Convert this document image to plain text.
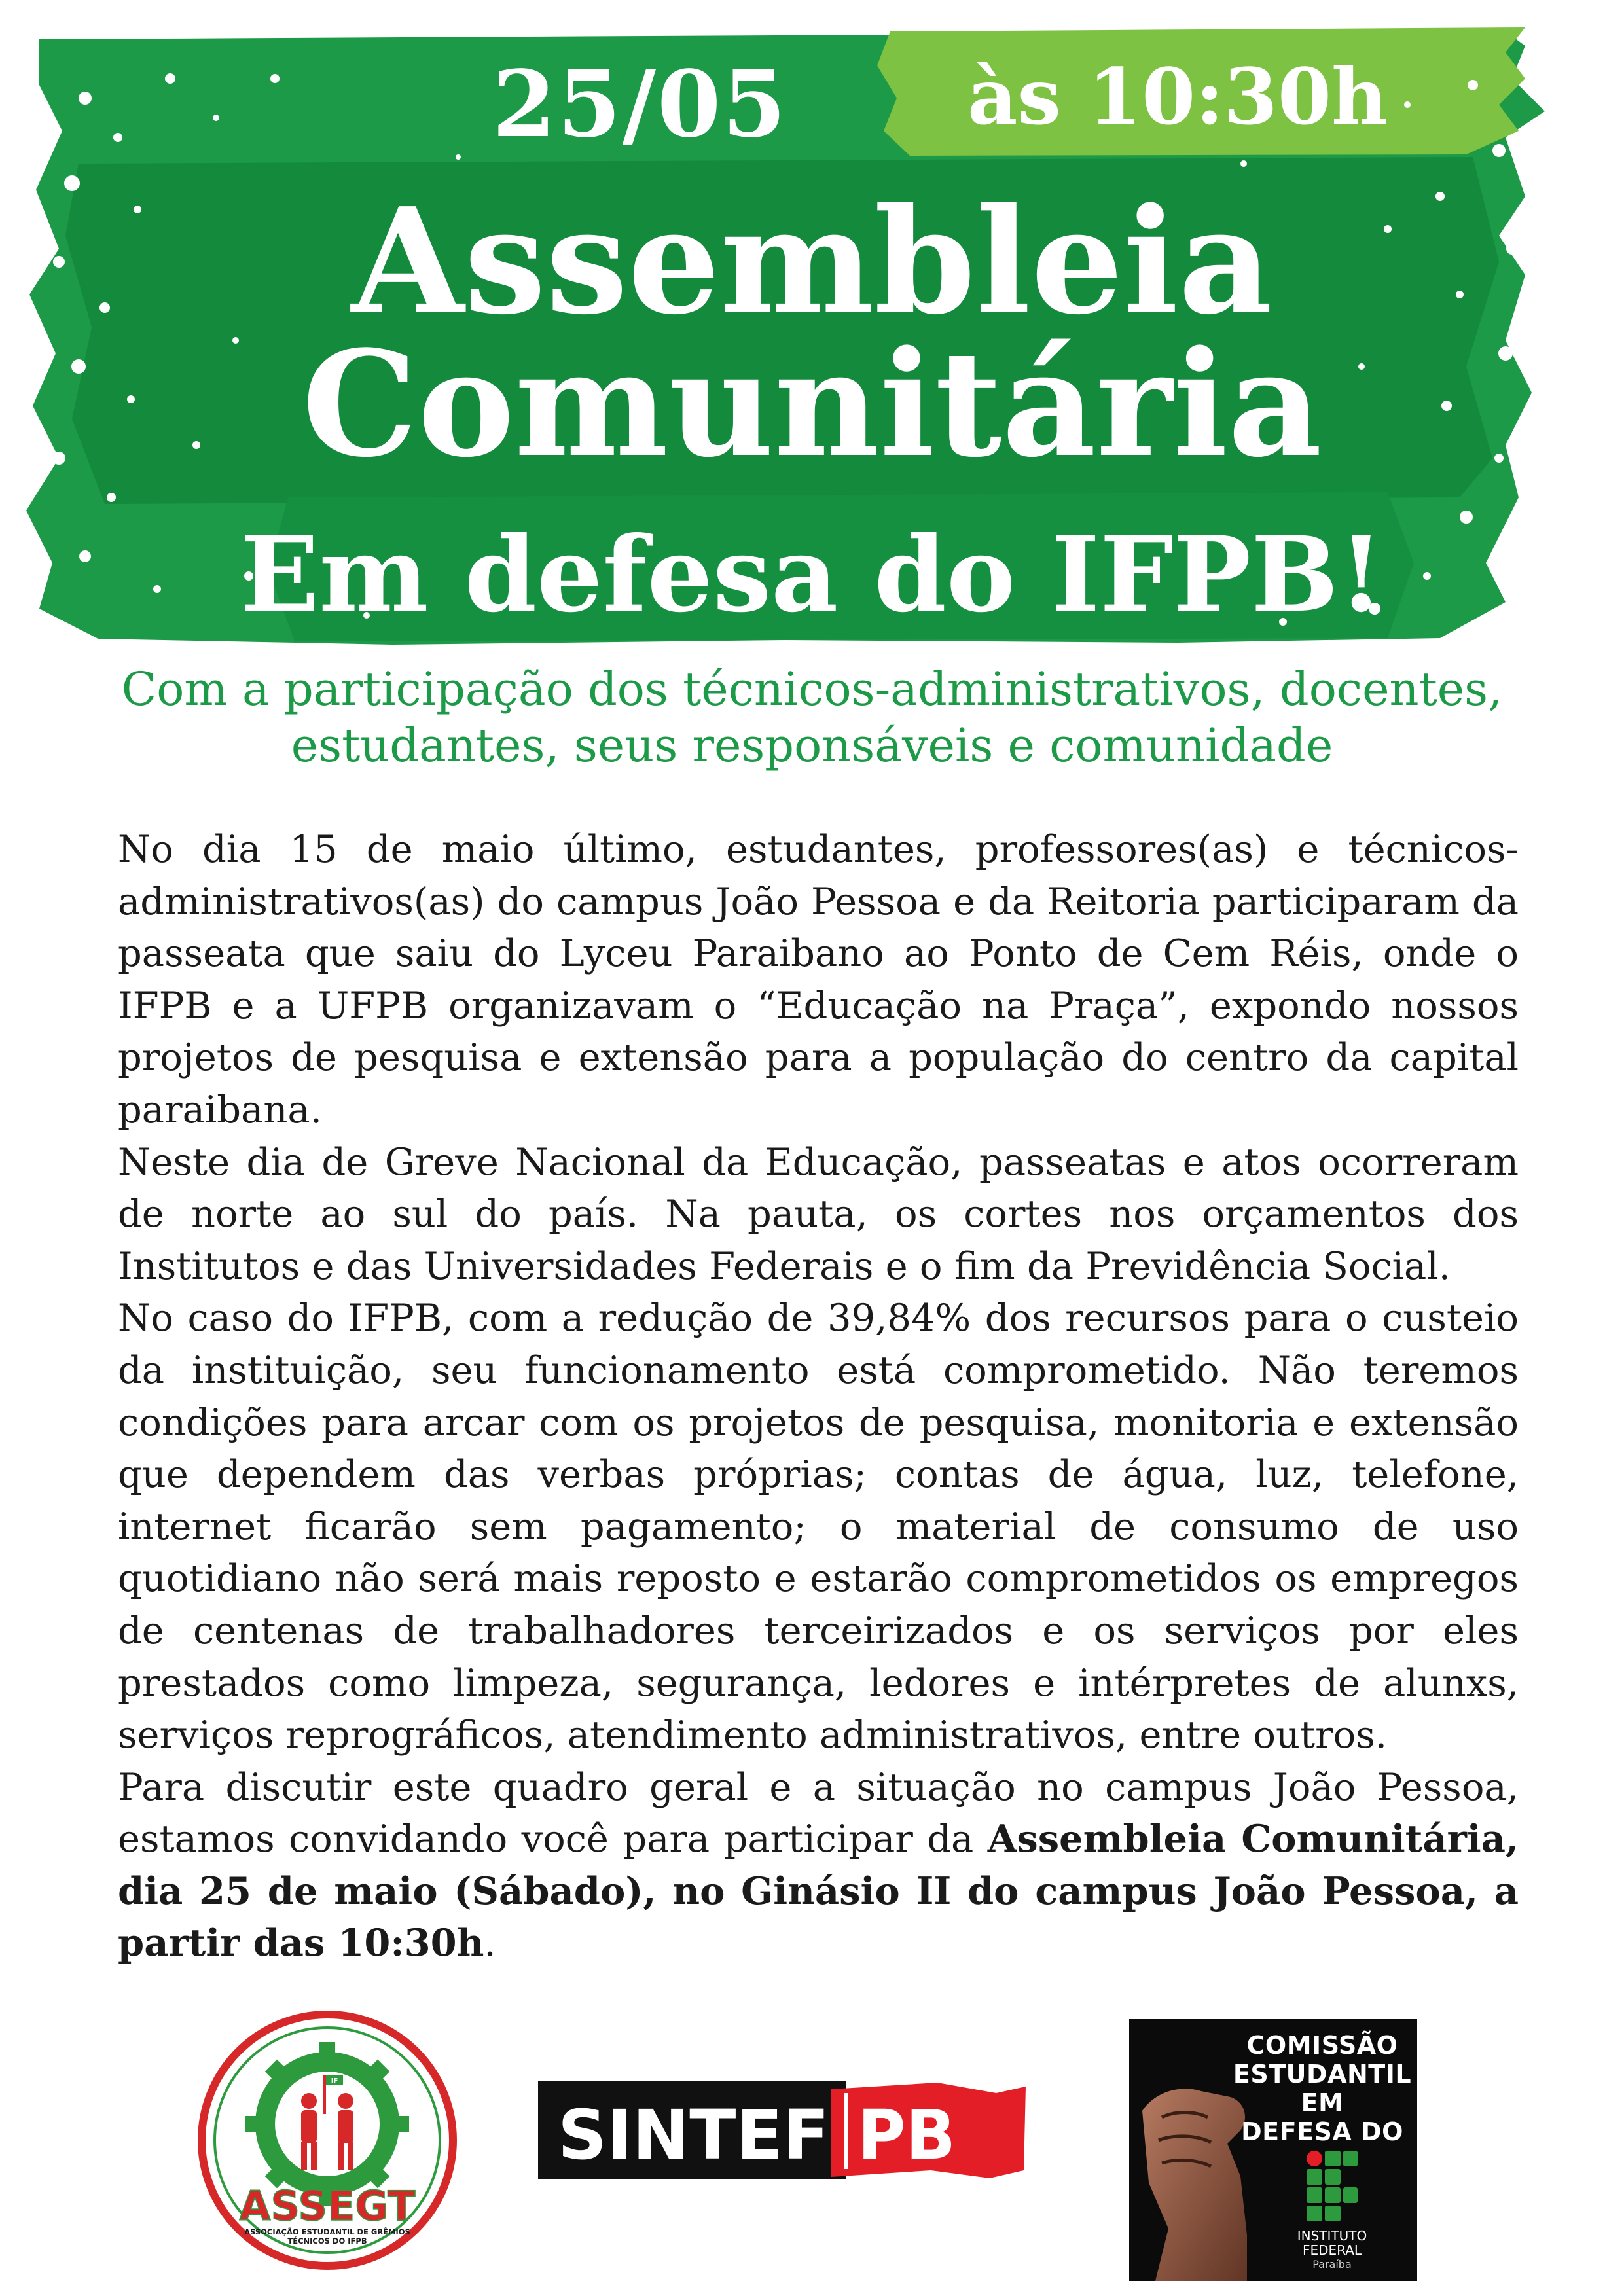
25/05 às 10:30h
Assembleia
Comunitária
Em defesa do IFPB!
Com a participação dos técnicos-administrativos, docentes, estudantes, seus responsáveis e comunidade

No dia 15 de maio último, estudantes, professores(as) e técnicos-administrativos(as) do campus João Pessoa e da Reitoria participaram da passeata que saiu do Lyceu Paraibano ao Ponto de Cem Réis, onde o IFPB e a UFPB organizavam o “Educação na Praça”, expondo nossos projetos de pesquisa e extensão para a população do centro da capital paraibana.

Neste dia de Greve Nacional da Educação, passeatas e atos ocorreram de norte ao sul do país. Na pauta, os cortes nos orçamentos dos Institutos e das Universidades Federais e o fim da Previdência Social.

No caso do IFPB, com a redução de 39,84% dos recursos para o custeio da instituição, seu funcionamento está comprometido. Não teremos condições para arcar com os projetos de pesquisa, monitoria e extensão que dependem das verbas próprias; contas de água, luz, telefone, internet ficarão sem pagamento; o material de consumo de uso quotidiano não será mais reposto e estarão comprometidos os empregos de centenas de trabalhadores terceirizados e os serviços por eles prestados como limpeza, segurança, ledores e intérpretes de alunxs, serviços reprográficos, atendimento administrativos, entre outros.

Para discutir este quadro geral e a situação no campus João Pessoa, estamos convidando você para participar da Assembleia Comunitária, dia 25 de maio (Sábado), no Ginásio II do campus João Pessoa, a partir das 10:30h.

IF
ASSEGT
ASSOCIAÇÃO ESTUDANTIL DE GRÊMIOS
TÉCNICOS DO IFPB
SINTEF PB
COMISSÃO
ESTUDANTIL EM
DEFESA DO
INSTITUTO
FEDERAL
Paraíba
